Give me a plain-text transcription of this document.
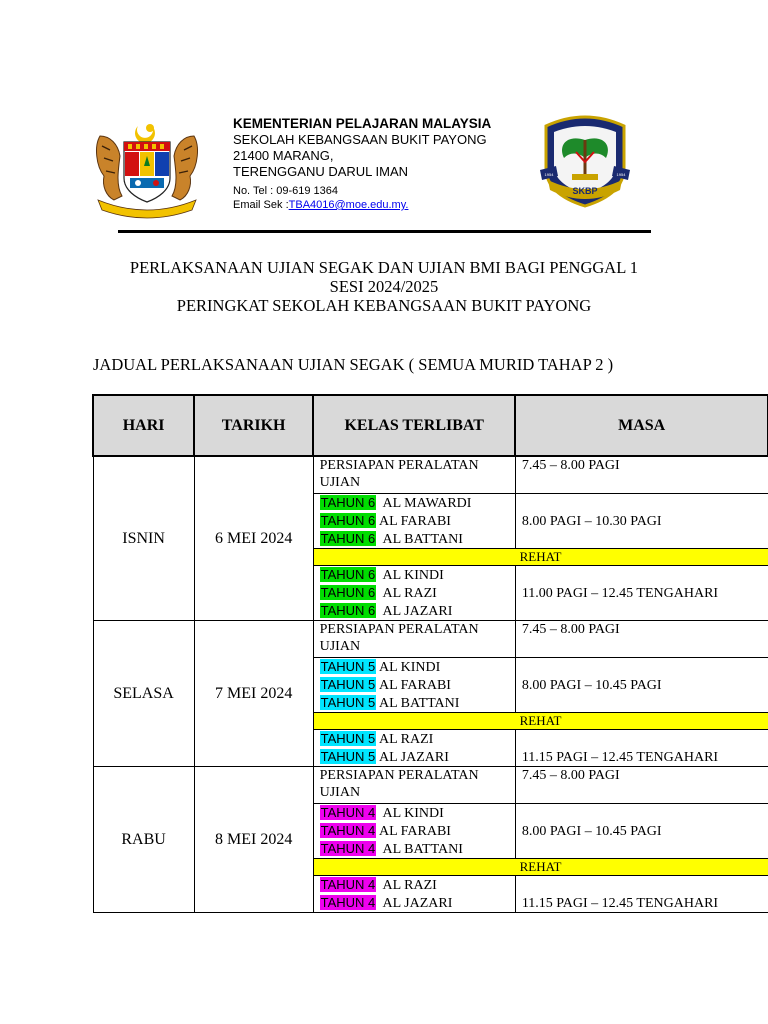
KEMENTERIAN PELAJARAN MALAYSIA
SEKOLAH KEBANGSAAN BUKIT PAYONG
21400 MARANG,
TERENGGANU DARUL IMAN
No. Tel : 09-619 1364
Email Sek :TBA4016@moe.edu.my.
SKBP
1954	1954
PERLAKSANAAN UJIAN SEGAK DAN UJIAN BMI BAGI PENGGAL 1
SESI 2024/2025
PERINGKAT SEKOLAH KEBANGSAAN BUKIT PAYONG
JADUAL PERLAKSANAAN UJIAN SEGAK ( SEMUA MURID TAHAP 2 )
HARI	TARIKH	KELAS TERLIBAT	MASA
ISNIN	6 MEI 2024	PERSIAPAN PERALATAN UJIAN	7.45 – 8.00 PAGI

		TAHUN 6  AL MAWARDI
TAHUN 6 AL FARABI
TAHUN 6  AL BATTANI	8.00 PAGI – 10.30 PAGI
		REHAT	

		TAHUN 6  AL KINDI
TAHUN 6  AL RAZI
TAHUN 6  AL JAZARI	11.00 PAGI – 12.45 TENGAHARI
SELASA	7 MEI 2024	PERSIAPAN PERALATAN UJIAN	7.45 – 8.00 PAGI

		TAHUN 5 AL KINDI
TAHUN 5 AL FARABI
TAHUN 5 AL BATTANI	8.00 PAGI – 10.45 PAGI
		REHAT	

		TAHUN 5 AL RAZI
TAHUN 5 AL JAZARI	11.15 PAGI – 12.45 TENGAHARI
RABU	8 MEI 2024	PERSIAPAN PERALATAN UJIAN	7.45 – 8.00 PAGI

		TAHUN 4  AL KINDI
TAHUN 4 AL FARABI
TAHUN 4  AL BATTANI	8.00 PAGI – 10.45 PAGI
		REHAT	

		TAHUN 4  AL RAZI
TAHUN 4  AL JAZARI	11.15 PAGI – 12.45 TENGAHARI
